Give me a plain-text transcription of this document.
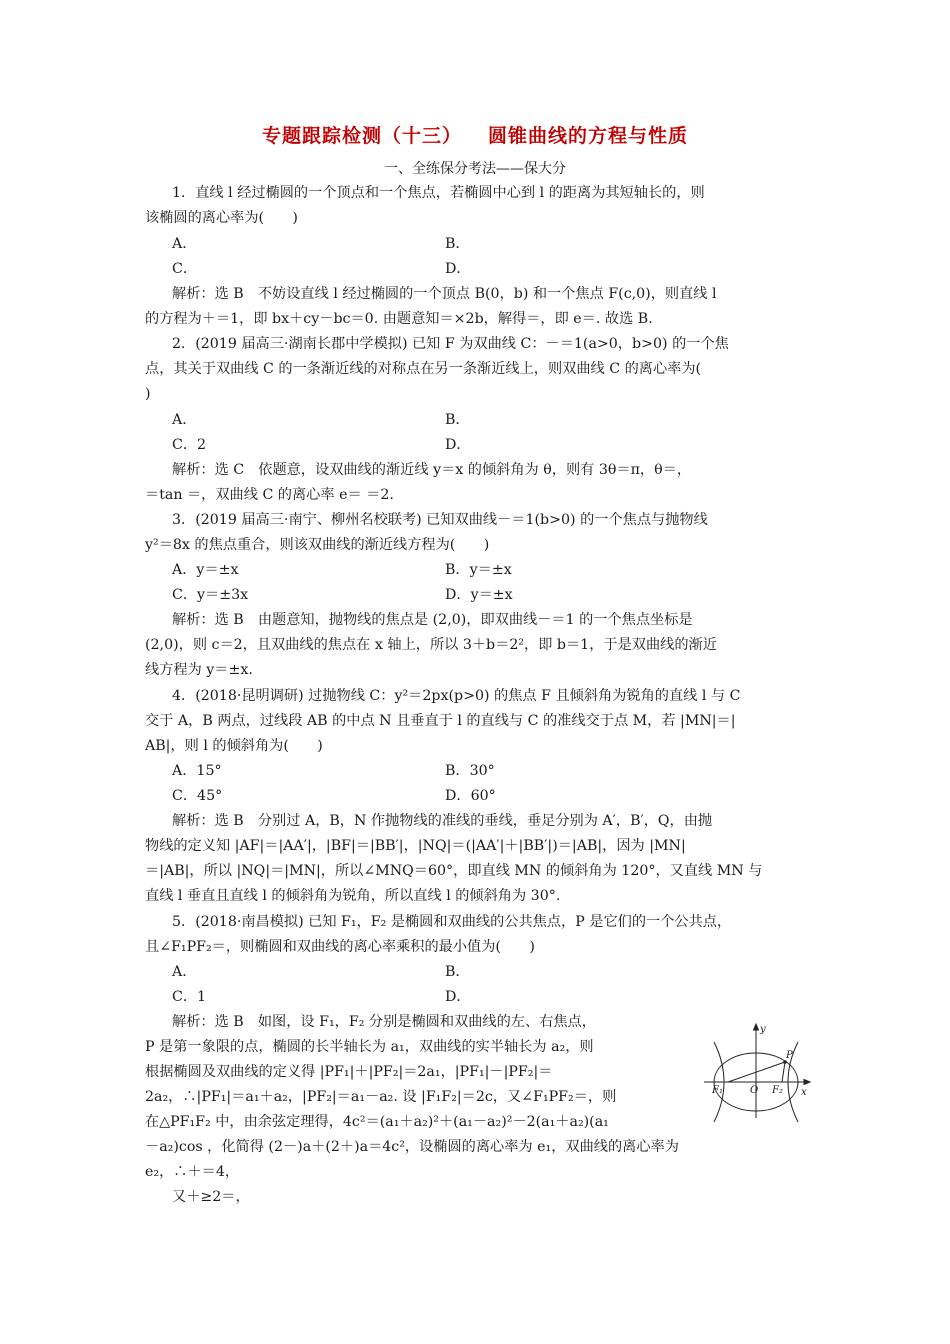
专题跟踪检测（十三） 圆锥曲线的方程与性质
一、全练保分考法——保大分
1．直线 l 经过椭圆的一个顶点和一个焦点，若椭圆中心到 l 的距离为其短轴长的，则
该椭圆的离心率为(　　)
A．	B．
C．	D．
解析：选 B　不妨设直线 l 经过椭圆的一个顶点 B(0，b) 和一个焦点 F(c,0)，则直线 l
的方程为＋＝1，即 bx＋cy－bc＝0. 由题意知＝×2b，解得＝，即 e＝. 故选 B.
2．(2019 届高三·湖南长郡中学模拟) 已知 F 为双曲线 C：－＝1(a>0，b>0) 的一个焦
点，其关于双曲线 C 的一条渐近线的对称点在另一条渐近线上，则双曲线 C 的离心率为(
)
A．	B．
C．2	D．
解析：选 C　依题意，设双曲线的渐近线 y＝x 的倾斜角为 θ，则有 3θ＝π，θ＝，
＝tan ＝，双曲线 C 的离心率 e＝ ＝2.
3．(2019 届高三·南宁、柳州名校联考) 已知双曲线－＝1(b>0) 的一个焦点与抛物线
y²＝8x 的焦点重合，则该双曲线的渐近线方程为(　　)
A．y＝±x	B．y＝±x
C．y＝±3x	D．y＝±x
解析：选 B　由题意知，抛物线的焦点是 (2,0)，即双曲线－＝1 的一个焦点坐标是
(2,0)，则 c＝2，且双曲线的焦点在 x 轴上，所以 3＋b＝2²，即 b＝1，于是双曲线的渐近
线方程为 y＝±x.
4．(2018·昆明调研) 过抛物线 C：y²＝2px(p>0) 的焦点 F 且倾斜角为锐角的直线 l 与 C
交于 A，B 两点，过线段 AB 的中点 N 且垂直于 l 的直线与 C 的准线交于点 M，若 |MN|＝|
AB|，则 l 的倾斜角为(　　)
A．15°	B．30°
C．45°	D．60°
解析：选 B　分别过 A，B，N 作抛物线的准线的垂线，垂足分别为 A′，B′，Q，由抛
物线的定义知 |AF|＝|AA′|，|BF|＝|BB′|，|NQ|＝(|AA′|＋|BB′|)＝|AB|，因为 |MN|
＝|AB|，所以 |NQ|＝|MN|，所以∠MNQ＝60°，即直线 MN 的倾斜角为 120°，又直线 MN 与
直线 l 垂直且直线 l 的倾斜角为锐角，所以直线 l 的倾斜角为 30°.
5．(2018·南昌模拟) 已知 F₁，F₂ 是椭圆和双曲线的公共焦点，P 是它们的一个公共点，
且∠F₁PF₂＝，则椭圆和双曲线的离心率乘积的最小值为(　　)
A．	B．
C．1	D．
解析：选 B　如图，设 F₁，F₂ 分别是椭圆和双曲线的左、右焦点，
P 是第一象限的点，椭圆的长半轴长为 a₁，双曲线的实半轴长为 a₂，则
根据椭圆及双曲线的定义得 |PF₁|＋|PF₂|＝2a₁，|PF₁|－|PF₂|＝
2a₂，∴|PF₁|＝a₁＋a₂，|PF₂|＝a₁－a₂. 设 |F₁F₂|＝2c，又∠F₁PF₂＝，则
在△PF₁F₂ 中，由余弦定理得，4c²＝(a₁＋a₂)²＋(a₁－a₂)²－2(a₁＋a₂)(a₁
－a₂)cos ，化简得 (2－)a＋(2＋)a＝4c²，设椭圆的离心率为 e₁，双曲线的离心率为
e₂，∴＋＝4，
又＋≥2＝，
y
x
O
P
F₁	F₂
